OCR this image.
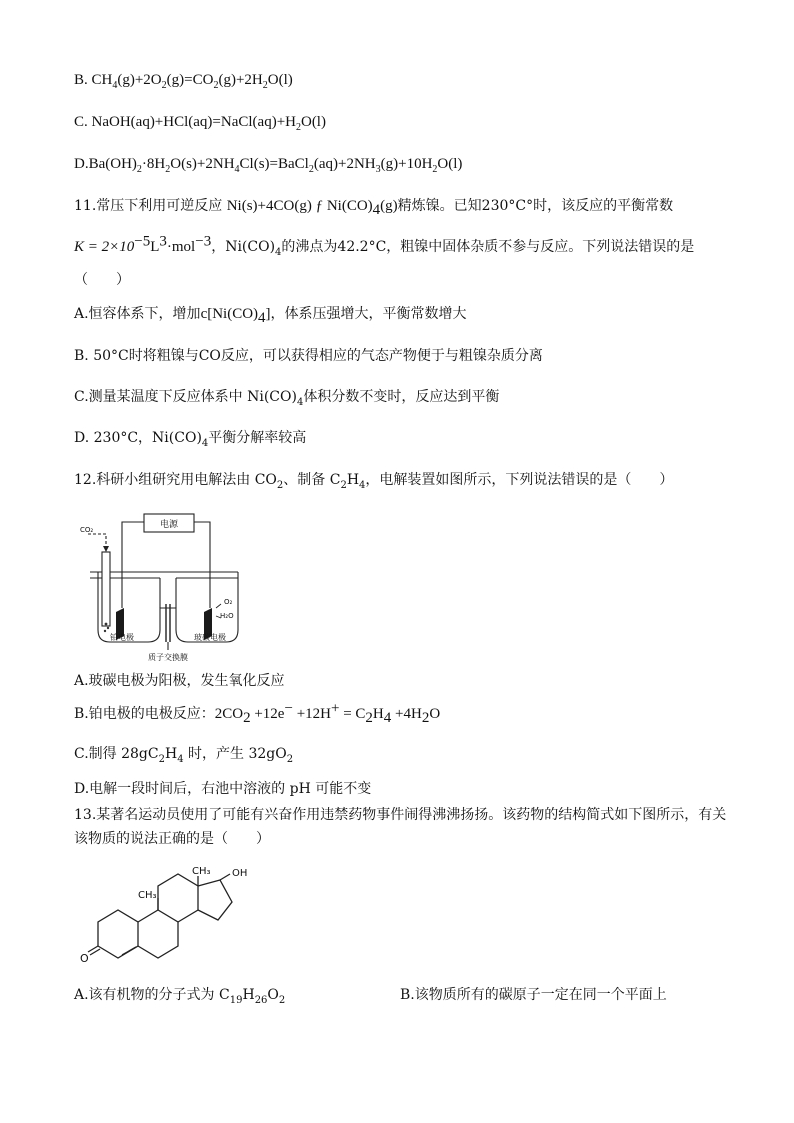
B. $CH_4(g)+2O_2(g)=CO_2(g)+2H_2O(l)$
C. $NaOH(aq)+HCl(aq)=NaCl(aq)+H_2O(l)$
$D.Ba(OH)_2\cdot 8H_2O(s)+2NH_4Cl(s)=BaCl_2(aq)+2NH_3(g)+10H_2O(l)$
11.常压下利用可逆反应 Ni(s)+4CO(g) ƒ $Ni(CO)_4(g)$精炼镍。已知230°C°时，该反应的平衡常数
$K = 2\times 10^{-5}L^3\cdot mol^{-3}$，$Ni(CO)_4$的沸点为42.2°C，粗镍中固体杂质不参与反应。下列说法错误的是
（　　）
A.恒容体系下，增加$c[Ni(CO)_4]$，体系压强增大，平衡常数增大
B. 50°C时将粗镍与CO反应，可以获得相应的气态产物便于与粗镍杂质分离
C.测量某温度下反应体系中 $Ni(CO)_4$体积分数不变时，反应达到平衡
D. 230°C，$Ni(CO)_4$平衡分解率较高
12.科研小组研究用电解法由 $CO_2$、制备 $C_2H_4$，电解装置如图所示，下列说法错误的是（　　）
电源
CO₂
O₂
H₂O
铂电极	玻碳电极
质子交换膜
A.玻碳电极为阳极，发生氧化反应
B.铂电极的电极反应：$2CO_2 +12e^- +12H^+ = C_2H_4 +4H_2O$
C.制得 $28gC_2H_4$ 时，产生 $32gO_2$
D.电解一段时间后，右池中溶液的 pH 可能不变
13.某著名运动员使用了可能有兴奋作用违禁药物事件闹得沸沸扬扬。该药物的结构简式如下图所示，有关
该物质的说法正确的是（　　）
CH₃
CH₃ OH
O
A.该有机物的分子式为 $C_{19}H_{26}O_2$	B.该物质所有的碳原子一定在同一个平面上
